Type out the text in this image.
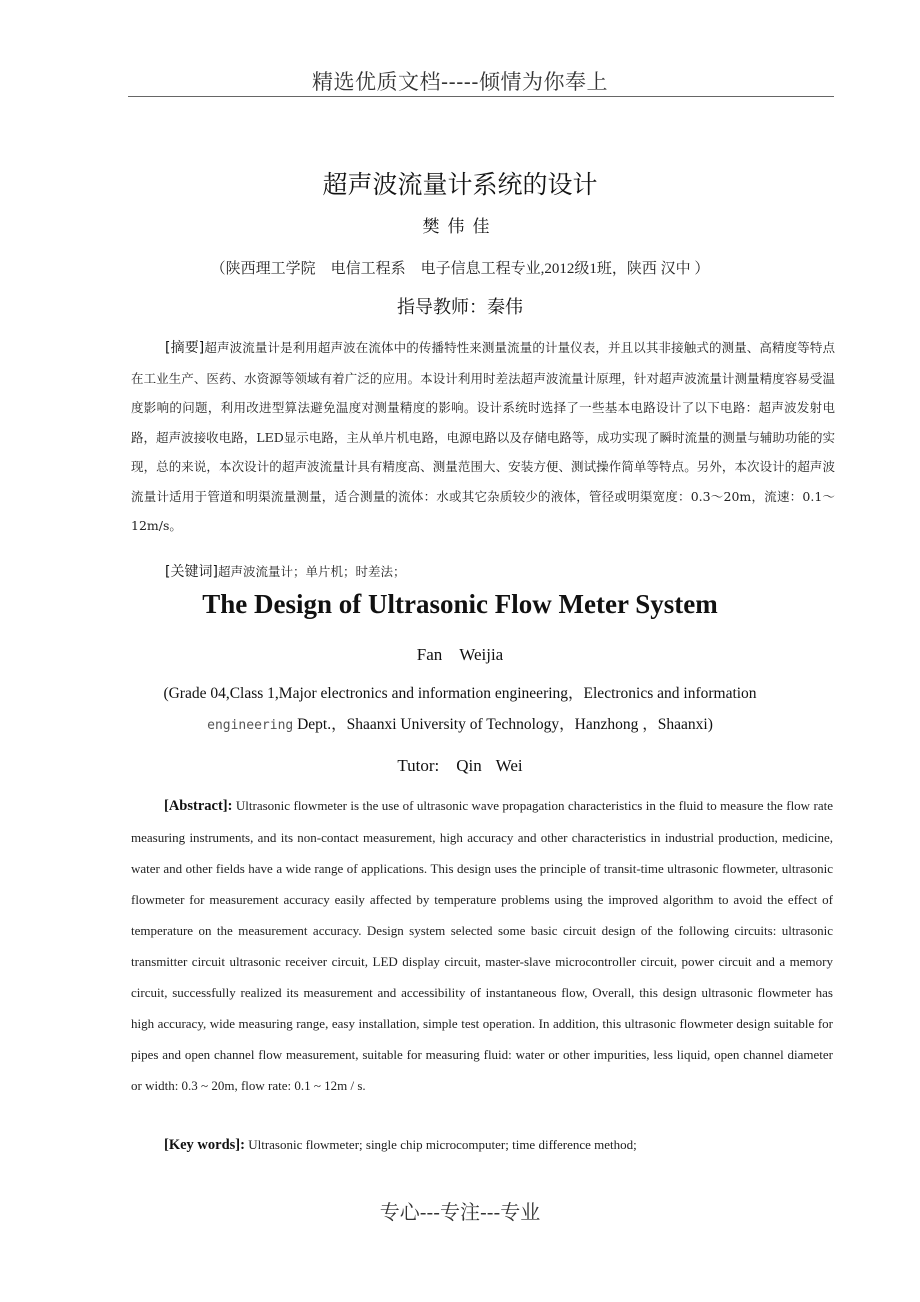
精选优质文档-----倾情为你奉上
超声波流量计系统的设计
樊伟佳
（陕西理工学院　电信工程系　电子信息工程专业,2012级1班，陕西 汉中 ）
指导教师：秦伟
[摘要]超声波流量计是利用超声波在流体中的传播特性来测量流量的计量仪表，并且以其非接触式的测量、高精度等特点在工业生产、医药、水资源等领域有着广泛的应用。本设计利用时差法超声波流量计原理，针对超声波流量计测量精度容易受温度影响的问题，利用改进型算法避免温度对测量精度的影响。设计系统时选择了一些基本电路设计了以下电路：超声波发射电路，超声波接收电路，LED显示电路，主从单片机电路，电源电路以及存储电路等，成功实现了瞬时流量的测量与辅助功能的实现，总的来说，本次设计的超声波流量计具有精度高、测量范围大、安装方便、测试操作简单等特点。另外，本次设计的超声波流量计适用于管道和明渠流量测量，适合测量的流体：水或其它杂质较少的液体，管径或明渠宽度：0.3～20m，流速：0.1～12m/s。
[关键词]超声波流量计；单片机；时差法；
The Design of Ultrasonic Flow Meter System
Fan　Weijia
(Grade 04,Class 1,Major electronics and information engineering，Electronics and information
engineering Dept.，Shaanxi University of Technology，Hanzhong ，Shaanxi)
Tutor:　Qin Wei
[Abstract]: Ultrasonic flowmeter is the use of ultrasonic wave propagation characteristics in the fluid to measure the flow rate measuring instruments, and its non-contact measurement, high accuracy and other characteristics in industrial production, medicine, water and other fields have a wide range of applications. This design uses the principle of transit-time ultrasonic flowmeter, ultrasonic flowmeter for measurement accuracy easily affected by temperature problems using the improved algorithm to avoid the effect of temperature on the measurement accuracy. Design system selected some basic circuit design of the following circuits: ultrasonic transmitter circuit ultrasonic receiver circuit, LED display circuit, master-slave microcontroller circuit, power circuit and a memory circuit, successfully realized its measurement and accessibility of instantaneous flow, Overall, this design ultrasonic flowmeter has high accuracy, wide measuring range, easy installation, simple test operation. In addition, this ultrasonic flowmeter design suitable for pipes and open channel flow measurement, suitable for measuring fluid: water or other impurities, less liquid, open channel diameter or width: 0.3 ~ 20m, flow rate: 0.1 ~ 12m / s.
[Key words]: Ultrasonic flowmeter; single chip microcomputer; time difference method;
专心---专注---专业
